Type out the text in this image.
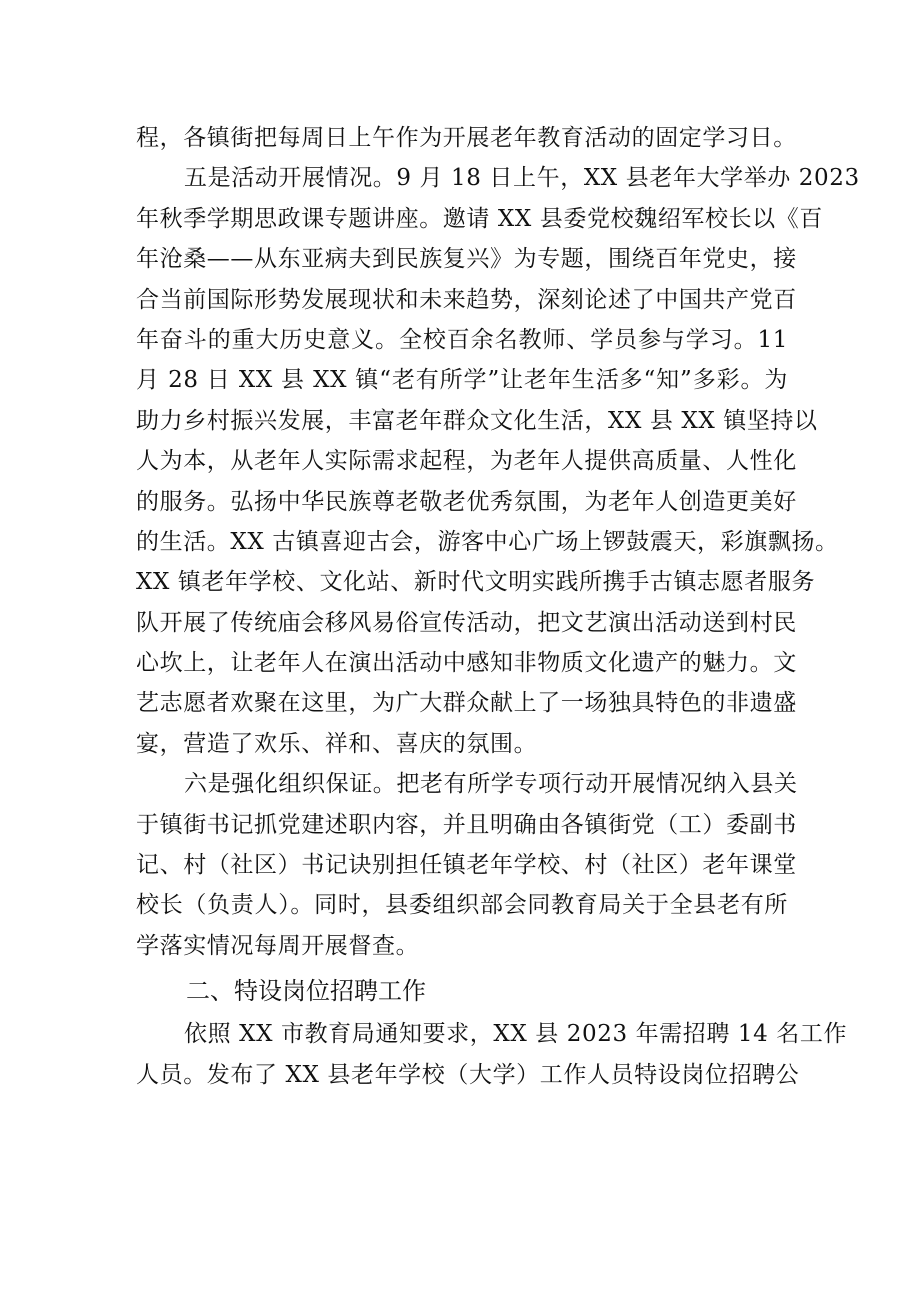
程，各镇街把每周日上午作为开展老年教育活动的固定学习日。
五是活动开展情况。9 月 18 日上午，XX 县老年大学举办 2023
年秋季学期思政课专题讲座。邀请 XX 县委党校魏绍军校长以《百
年沧桑——从东亚病夫到民族复兴》为专题，围绕百年党史，接
合当前国际形势发展现状和未来趋势，深刻论述了中国共产党百
年奋斗的重大历史意义。全校百余名教师、学员参与学习。11
月 28 日 XX 县 XX 镇“老有所学”让老年生活多“知”多彩。为
助力乡村振兴发展，丰富老年群众文化生活，XX 县 XX 镇坚持以
人为本，从老年人实际需求起程，为老年人提供高质量、人性化
的服务。弘扬中华民族尊老敬老优秀氛围，为老年人创造更美好
的生活。XX 古镇喜迎古会，游客中心广场上锣鼓震天，彩旗飘扬。
XX 镇老年学校、文化站、新时代文明实践所携手古镇志愿者服务
队开展了传统庙会移风易俗宣传活动，把文艺演出活动送到村民
心坎上，让老年人在演出活动中感知非物质文化遗产的魅力。文
艺志愿者欢聚在这里，为广大群众献上了一场独具特色的非遗盛
宴，营造了欢乐、祥和、喜庆的氛围。
六是强化组织保证。把老有所学专项行动开展情况纳入县关
于镇街书记抓党建述职内容，并且明确由各镇街党（工）委副书
记、村（社区）书记诀别担任镇老年学校、村（社区）老年课堂
校长（负责人）。同时，县委组织部会同教育局关于全县老有所
学落实情况每周开展督查。
二、特设岗位招聘工作
依照 XX 市教育局通知要求，XX 县 2023 年需招聘 14 名工作
人员。发布了 XX 县老年学校（大学）工作人员特设岗位招聘公
